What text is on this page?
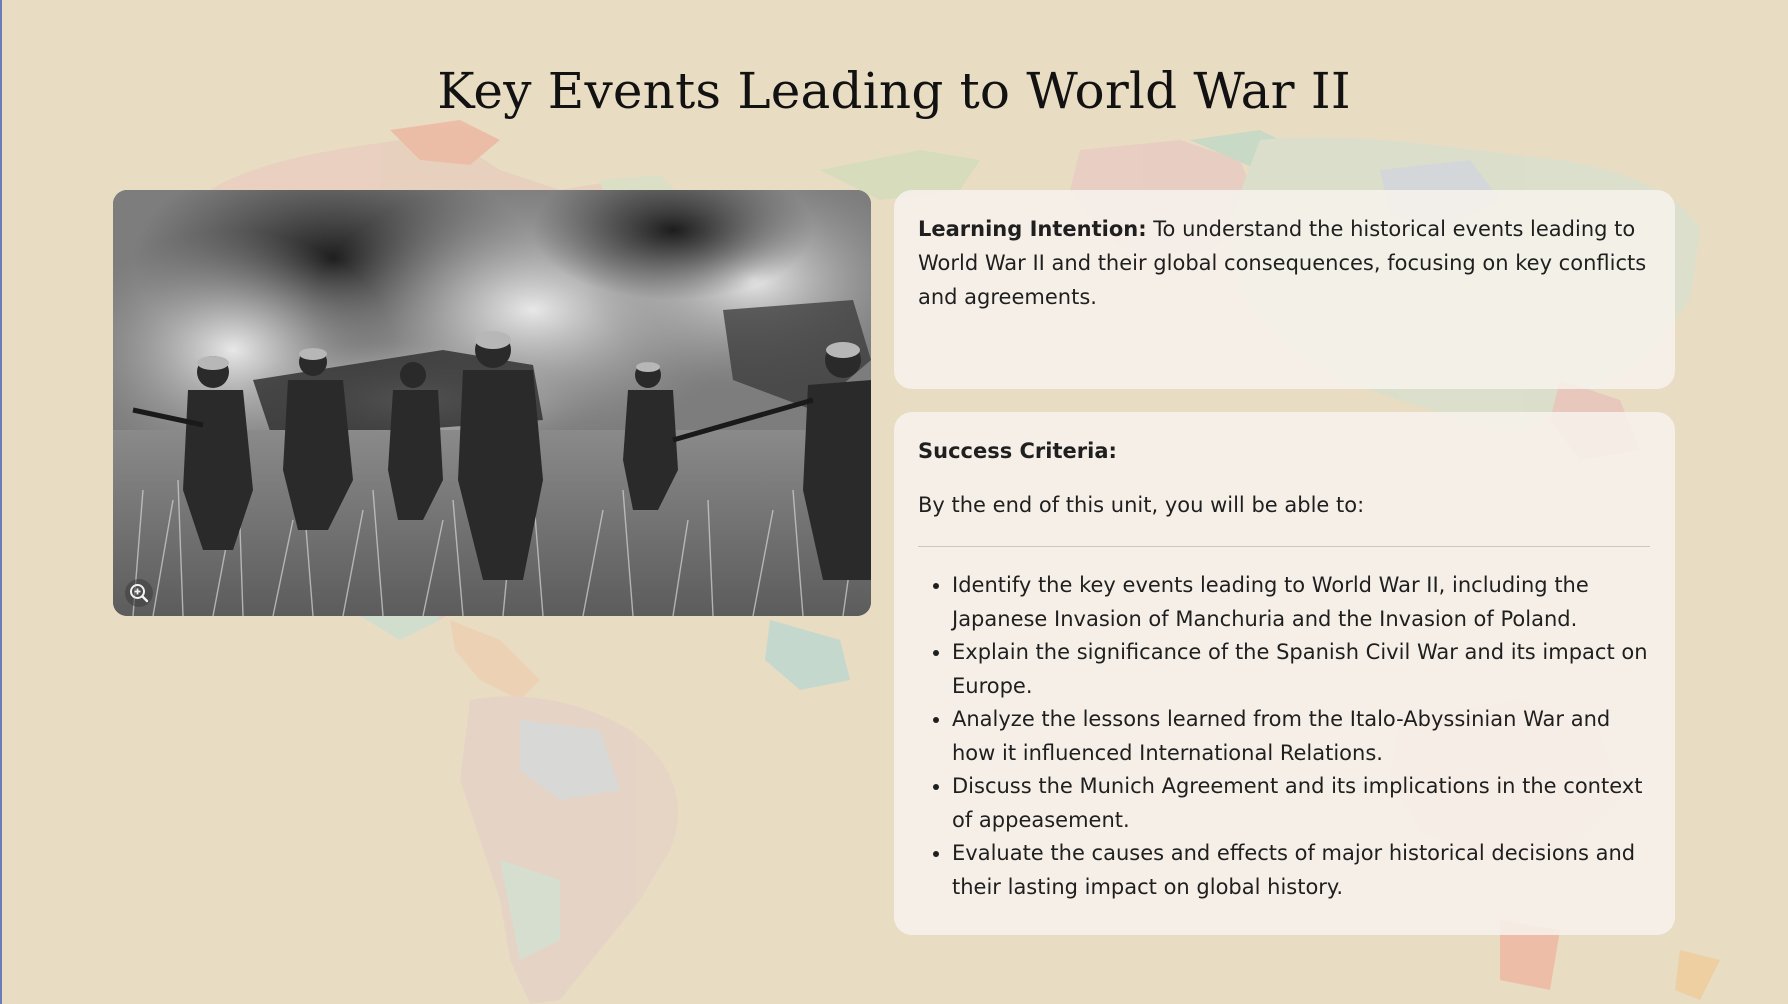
Key Events Leading to World War II

Learning Intention: To understand the historical events leading to World War II and their global consequences, focusing on key conflicts and agreements.

Success Criteria:

By the end of this unit, you will be able to:

• Identify the key events leading to World War II, including the Japanese Invasion of Manchuria and the Invasion of Poland.
• Explain the significance of the Spanish Civil War and its impact on Europe.
• Analyze the lessons learned from the Italo-Abyssinian War and how it influenced International Relations.
• Discuss the Munich Agreement and its implications in the context of appeasement.
• Evaluate the causes and effects of major historical decisions and their lasting impact on global history.
